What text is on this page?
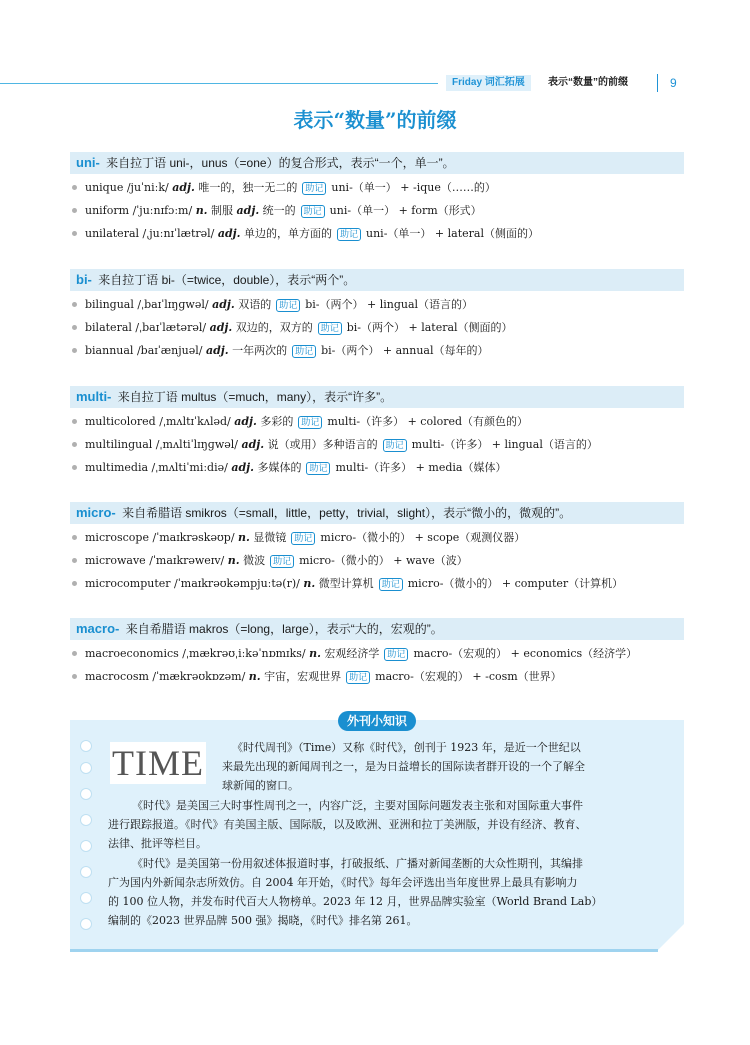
Friday 词汇拓展	表示“数量”的前缀	9
表示“数量”的前缀
uni- 来自拉丁语 uni-，unus（=one）的复合形式，表示“一个，单一”。
unique /juˈniːk/ adj. 唯一的，独一无二的 助记 uni-（单一） + -ique（……的）
uniform /ˈjuːnɪfɔːm/ n. 制服 adj. 统一的 助记 uni-（单一） + form（形式）
unilateral /ˌjuːnɪˈlætrəl/ adj. 单边的，单方面的 助记 uni-（单一） + lateral（侧面的）
bi- 来自拉丁语 bi-（=twice，double），表示“两个”。
bilingual /ˌbaɪˈlɪŋɡwəl/ adj. 双语的 助记 bi-（两个） + lingual（语言的）
bilateral /ˌbaɪˈlætərəl/ adj. 双边的，双方的 助记 bi-（两个） + lateral（侧面的）
biannual /baɪˈænjuəl/ adj. 一年两次的 助记 bi-（两个） + annual（每年的）
multi- 来自拉丁语 multus（=much，many），表示“许多”。
multicolored /ˌmʌltɪˈkʌləd/ adj. 多彩的 助记 multi-（许多） + colored（有颜色的）
multilingual /ˌmʌltiˈlɪŋɡwəl/ adj. 说（或用）多种语言的 助记 multi-（许多） + lingual（语言的）
multimedia /ˌmʌltiˈmiːdiə/ adj. 多媒体的 助记 multi-（许多） + media（媒体）
micro- 来自希腊语 smikros（=small，little，petty，trivial，slight），表示“微小的，微观的”。
microscope /ˈmaɪkrəskəʊp/ n. 显微镜 助记 micro-（微小的） + scope（观测仪器）
microwave /ˈmaɪkrəweɪv/ n. 微波 助记 micro-（微小的） + wave（波）
microcomputer /ˈmaɪkrəʊkəmpjuːtə(r)/ n. 微型计算机 助记 micro-（微小的） + computer（计算机）
macro- 来自希腊语 makros（=long，large），表示“大的，宏观的”。
macroeconomics /ˌmækrəʊˌiːkəˈnɒmɪks/ n. 宏观经济学 助记 macro-（宏观的） + economics（经济学）
macrocosm /ˈmækrəʊkɒzəm/ n. 宇宙，宏观世界 助记 macro-（宏观的） + -cosm（世界）
外刊小知识
TIME	《时代周刊》（Time）又称《时代》，创刊于 1923 年，是近一个世纪以
来最先出现的新闻周刊之一，是为日益增长的国际读者群开设的一个了解全
球新闻的窗口。
《时代》是美国三大时事性周刊之一，内容广泛，主要对国际问题发表主张和对国际重大事件
进行跟踪报道。《时代》有美国主版、国际版，以及欧洲、亚洲和拉丁美洲版，并设有经济、教育、
法律、批评等栏目。
《时代》是美国第一份用叙述体报道时事，打破报纸、广播对新闻垄断的大众性期刊，其编排
广为国内外新闻杂志所效仿。自 2004 年开始，《时代》每年会评选出当年度世界上最具有影响力
的 100 位人物，并发布时代百大人物榜单。2023 年 12 月，世界品牌实验室（World Brand Lab）
编制的《2023 世界品牌 500 强》揭晓，《时代》排名第 261。
